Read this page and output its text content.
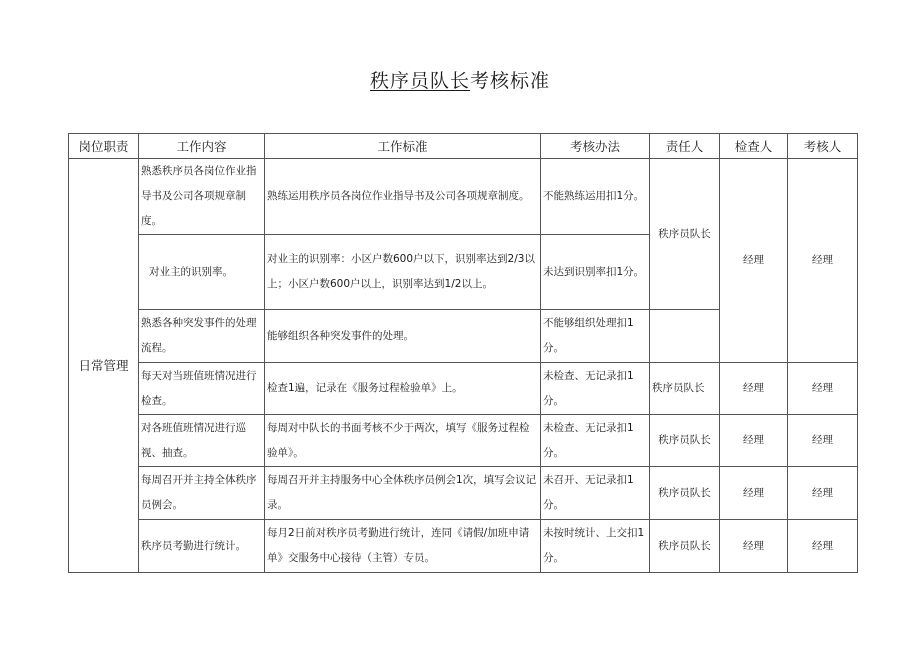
秩序员队长考核标准
岗位职责	工作内容	工作标准	考核办法	责任人	检查人	考核人
日常管理	熟悉秩序员各岗位作业指导书及公司各项规章制度。	熟练运用秩序员各岗位作业指导书及公司各项规章制度。	不能熟练运用扣1分。	秩序员队长	经理	经理
	对业主的识别率。	对业主的识别率：小区户数600户以下，识别率达到2/3以上；小区户数600户以上，识别率达到1/2以上。	未达到识别率扣1分。			
	熟悉各种突发事件的处理流程。	能够组织各种突发事件的处理。	不能够组织处理扣1分。			
	每天对当班值班情况进行检查。	检查1遍，记录在《服务过程检验单》上。	未检查、无记录扣1分。	秩序员队长	经理	经理
	对各班值班情况进行巡视、抽查。	每周对中队长的书面考核不少于两次，填写《服务过程检验单》。	未检查、无记录扣1分。	秩序员队长	经理	经理
	每周召开并主持全体秩序员例会。	每周召开并主持服务中心全体秩序员例会1次，填写会议记录。	未召开、无记录扣1分。	秩序员队长	经理	经理
	秩序员考勤进行统计。	每月2日前对秩序员考勤进行统计，连同《请假/加班申请单》交服务中心接待（主管）专员。	未按时统计、上交扣1分。	秩序员队长	经理	经理
